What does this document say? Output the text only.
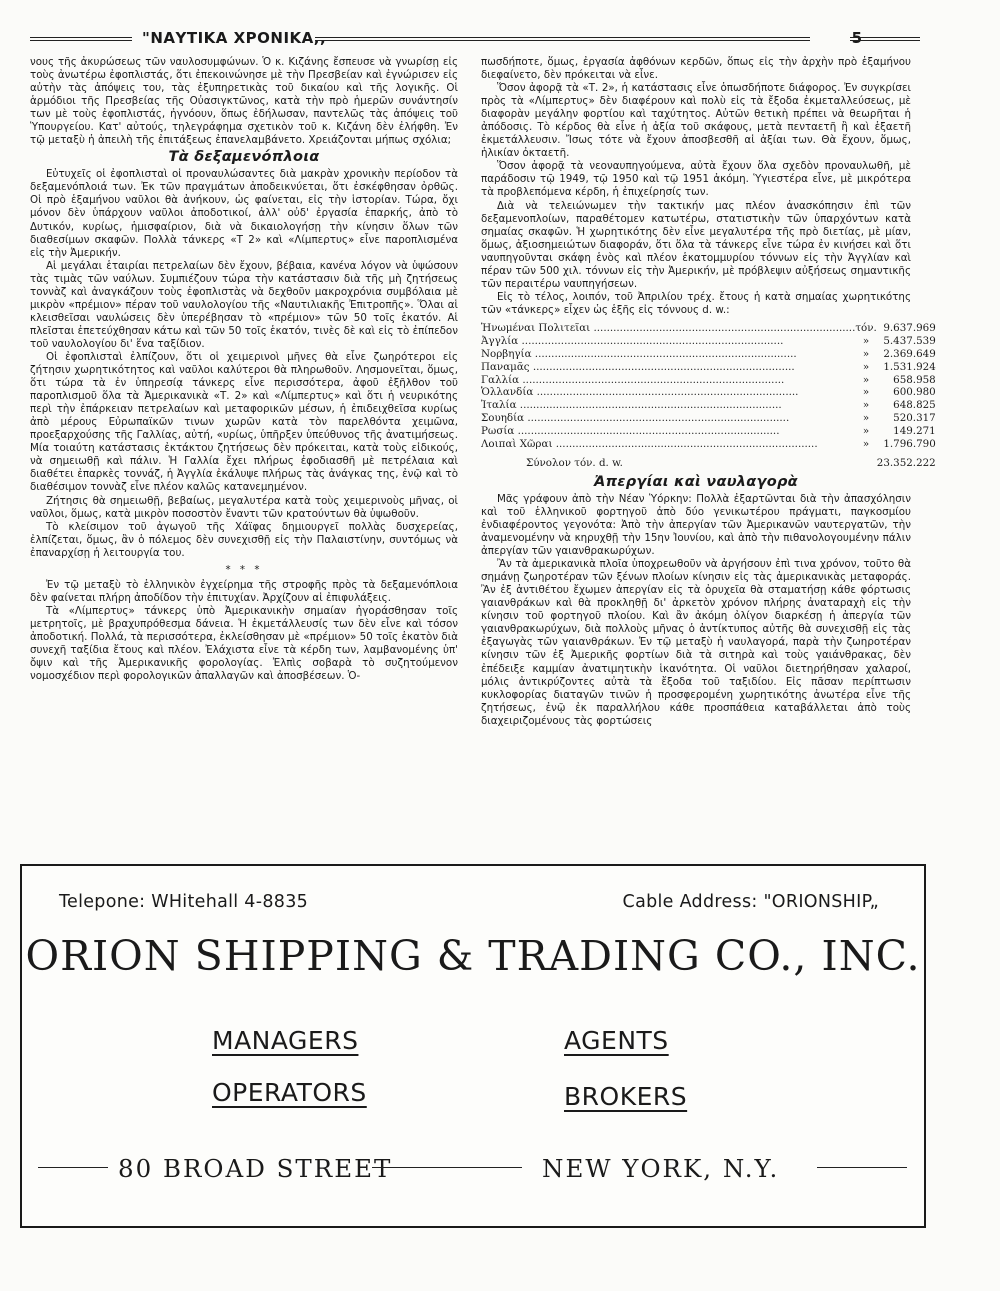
"ΝΑΥΤΙΚΑ ΧΡΟΝΙΚΑ,,	5

νους τῆς ἀκυρώσεως τῶν ναυλοσυμφώνων. Ὁ κ. Κιζάνης ἔσπευσε νὰ γνωρίσῃ εἰς τοὺς ἀνωτέρω ἐφοπλιστάς, ὅτι ἐπεκοινώνησε μὲ τὴν Πρεσβείαν καὶ ἐγνώρισεν εἰς αὐτὴν τὰς ἀπόψεις του, τὰς ἐξυπηρετικὰς τοῦ δικαίου καὶ τῆς λογικῆς. Οἱ ἁρμόδιοι τῆς Πρεσβείας τῆς Οὐασιγκτῶνος, κατὰ τὴν πρὸ ἡμερῶν συνάντησίν των μὲ τοὺς ἐφοπλιστάς, ἠγνόουν, ὅπως ἐδήλωσαν, παντελῶς τὰς ἀπόψεις τοῦ Ὑπουργείου. Κατ' αὐτούς, τηλεγράφημα σχετικὸν τοῦ κ. Κιζάνη δὲν ἐλήφθη. Ἐν τῷ μεταξὺ ἡ ἀπειλὴ τῆς ἐπιτάξεως ἐπανελαμβάνετο. Χρειάζονται μήπως σχόλια;

Τὰ δεξαμενόπλοια

Εὐτυχεῖς οἱ ἐφοπλισταὶ οἱ προναυλώσαντες διὰ μακρὰν χρονικὴν περίοδον τὰ δεξαμενόπλοιά των. Ἐκ τῶν πραγμάτων ἀποδεικνύεται, ὅτι ἐσκέφθησαν ὀρθῶς. Οἱ πρὸ ἑξαμήνου ναῦλοι θὰ ἀνήκουν, ὡς φαίνεται, εἰς τὴν ἱστορίαν. Τώρα, ὄχι μόνον δὲν ὑπάρχουν ναῦλοι ἀποδοτικοί, ἀλλ' οὐδ' ἐργασία ἐπαρκής, ἀπὸ τὸ Δυτικόν, κυρίως, ἡμισφαίριον, διὰ νὰ δικαιολογήσῃ τὴν κίνησιν ὅλων τῶν διαθεσίμων σκαφῶν. Πολλὰ τάνκερς «Τ 2» καὶ «Λίμπερτυς» εἶνε παροπλισμένα εἰς τὴν Ἀμερικήν.

Αἱ μεγάλαι ἑταιρίαι πετρελαίων δὲν ἔχουν, βέβαια, κανένα λόγον νὰ ὑψώσουν τὰς τιμὰς τῶν ναύλων. Συμπιέζουν τώρα τὴν κατάστασιν διὰ τῆς μὴ ζητήσεως τοννὰζ καὶ ἀναγκάζουν τοὺς ἐφοπλιστὰς νὰ δεχθοῦν μακροχρόνια συμβόλαια μὲ μικρὸν «πρέμιον» πέραν τοῦ ναυλολογίου τῆς «Ναυτιλιακῆς Ἐπιτροπῆς». Ὅλαι αἱ κλεισθεῖσαι ναυλώσεις δὲν ὑπερέβησαν τὸ «πρέμιον» τῶν 50 τοῖς ἑκατόν. Αἱ πλεῖσται ἐπετεύχθησαν κάτω καὶ τῶν 50 τοῖς ἑκατόν, τινὲς δὲ καὶ εἰς τὸ ἐπίπεδον τοῦ ναυλολογίου δι' ἕνα ταξίδιον.

Οἱ ἐφοπλισταὶ ἐλπίζουν, ὅτι οἱ χειμερινοὶ μῆνες θὰ εἶνε ζωηρότεροι εἰς ζήτησιν χωρητικότητος καὶ ναῦλοι καλύτεροι θὰ πληρωθοῦν. Λησμονεῖται, ὅμως, ὅτι τώρα τὰ ἐν ὑπηρεσίᾳ τάνκερς εἶνε περισσότερα, ἀφοῦ ἐξῆλθον τοῦ παροπλισμοῦ ὅλα τὰ Ἀμερικανικὰ «Τ. 2» καὶ «Λίμπερτυς» καὶ ὅτι ἡ νευρικότης περὶ τὴν ἐπάρκειαν πετρελαίων καὶ μεταφορικῶν μέσων, ἡ ἐπιδειχθεῖσα κυρίως ἀπὸ μέρους Εὐρωπαϊκῶν τινων χωρῶν κατὰ τὸν παρελθόντα χειμῶνα, προεξαρχούσης τῆς Γαλλίας, αὐτή, «υρίως, ὑπῆρξεν ὑπεύθυνος τῆς ἀνατιμήσεως. Μία τοιαύτη κατάστασις ἐκτάκτου ζητήσεως δὲν πρόκειται, κατὰ τοὺς εἰδικούς, νὰ σημειωθῇ καὶ πάλιν. Ἡ Γαλλία ἔχει πλήρως ἐφοδιασθῆ μὲ πετρέλαια καὶ διαθέτει ἐπαρκὲς τοννάζ, ἡ Ἀγγλία ἐκάλυψε πλήρως τὰς ἀνάγκας της, ἐνῷ καὶ τὸ διαθέσιμον τοννὰζ εἶνε πλέον καλῶς κατανεμημένον.

Ζήτησις θὰ σημειωθῇ, βεβαίως, μεγαλυτέρα κατὰ τοὺς χειμερινοὺς μῆνας, οἱ ναῦλοι, ὅμως, κατὰ μικρὸν ποσοστὸν ἔναντι τῶν κρατούντων θὰ ὑψωθοῦν.

Τὸ κλείσιμον τοῦ ἀγωγοῦ τῆς Χάϊφας δημιουργεῖ πολλὰς δυσχερείας, ἐλπίζεται, ὅμως, ἂν ὁ πόλεμος δὲν συνεχισθῇ εἰς τὴν Παλαιστίνην, συντόμως νὰ ἐπαναρχίσῃ ἡ λειτουργία του.

* * *

Ἐν τῷ μεταξὺ τὸ ἑλληνικὸν ἐγχείρημα τῆς στροφῆς πρὸς τὰ δεξαμενόπλοια δὲν φαίνεται πλήρη ἀποδίδον τὴν ἐπιτυχίαν. Ἀρχίζουν αἱ ἐπιφυλάξεις.

Τὰ «Λίμπερτυς» τάνκερς ὑπὸ Ἀμερικανικὴν σημαίαν ἠγοράσθησαν τοῖς μετρητοῖς, μὲ βραχυπρόθεσμα δάνεια. Ἡ ἐκμετάλλευσίς των δὲν εἶνε καὶ τόσον ἀποδοτική. Πολλά, τὰ περισσότερα, ἐκλείσθησαν μὲ «πρέμιον» 50 τοῖς ἑκατὸν διὰ συνεχῆ ταξίδια ἔτους καὶ πλέον. Ἐλάχιστα εἶνε τὰ κέρδη των, λαμβανομένης ὑπ' ὄψιν καὶ τῆς Ἀμερικανικῆς φορολογίας. Ἐλπὶς σοβαρὰ τὸ συζητούμενον νομοσχέδιον περὶ φορολογικῶν ἀπαλλαγῶν καὶ ἀποσβέσεων. Ὁ-

πωσδήποτε, ὅμως, ἐργασία ἀφθόνων κερδῶν, ὅπως εἰς τὴν ἀρχὴν πρὸ ἑξαμήνου διεφαίνετο, δὲν πρόκειται νὰ εἶνε.

Ὅσον ἀφορᾷ τὰ «Τ. 2», ἡ κατάστασις εἶνε ὁπωσδήποτε διάφορος. Ἐν συγκρίσει πρὸς τὰ «Λίμπερτυς» δὲν διαφέρουν καὶ πολὺ εἰς τὰ ἔξοδα ἐκμεταλλεύσεως, μὲ διαφορὰν μεγάλην φορτίου καὶ ταχύτητος. Αὐτῶν θετικὴ πρέπει νὰ θεωρῆται ἡ ἀπόδοσις. Τὸ κέρδος θὰ εἶνε ἡ ἀξία τοῦ σκάφους, μετὰ πενταετῆ ἢ καὶ ἑξαετῆ ἐκμετάλλευσιν. Ἴσως τότε νὰ ἔχουν ἀποσβεσθῆ αἱ ἀξίαι των. Θὰ ἔχουν, ὅμως, ἡλικίαν ὀκταετῆ.

Ὅσον ἀφορᾷ τὰ νεοναυπηγούμενα, αὐτὰ ἔχουν ὅλα σχεδὸν προναυλωθῆ, μὲ παράδοσιν τῷ 1949, τῷ 1950 καὶ τῷ 1951 ἀκόμη. Ὑγιεστέρα εἶνε, μὲ μικρότερα τὰ προβλεπόμενα κέρδη, ἡ ἐπιχείρησίς των.

Διὰ νὰ τελειώνωμεν τὴν τακτικήν μας πλέον ἀνασκόπησιν ἐπὶ τῶν δεξαμενοπλοίων, παραθέτομεν κατωτέρω, στατιστικὴν τῶν ὑπαρχόντων κατὰ σημαίας σκαφῶν. Ἡ χωρητικότης δὲν εἶνε μεγαλυτέρα τῆς πρὸ διετίας, μὲ μίαν, ὅμως, ἀξιοσημειώτων διαφοράν, ὅτι ὅλα τὰ τάνκερς εἶνε τώρα ἐν κινήσει καὶ ὅτι ναυπηγοῦνται σκάφη ἑνὸς καὶ πλέον ἑκατομμυρίου τόννων εἰς τὴν Ἀγγλίαν καὶ πέραν τῶν 500 χιλ. τόννων εἰς τὴν Ἀμερικήν, μὲ πρόβλεψιν αὐξήσεως σημαντικῆς τῶν περαιτέρω ναυπηγήσεων.

Εἰς τὸ τέλος, λοιπόν, τοῦ Ἀπριλίου τρέχ. ἔτους ἡ κατὰ σημαίας χωρητικότης τῶν «τάνκερς» εἶχεν ὡς ἑξῆς εἰς τόννους d. w.:

Ἡνωμέναι Πολιτεῖαι ................................................................................	τόν.	9.637.969
Ἀγγλία ................................................................................	»	5.437.539
Νορβηγία ................................................................................	»	2.369.649
Παναμᾶς ................................................................................	»	1.531.924
Γαλλία ................................................................................	»	658.958
Ὁλλανδία ................................................................................	»	600.980
Ἰταλία ................................................................................	»	648.825
Σουηδία ................................................................................	»	520.317
Ρωσία ................................................................................	»	149.271
Λοιπαὶ Χῶραι ................................................................................	»	1.796.790
Σύνολον τόν. d. w.		23.352.222
Ἀπεργίαι καὶ ναυλαγορὰ

Μᾶς γράφουν ἀπὸ τὴν Νέαν Ὑόρκην: Πολλὰ ἐξαρτῶνται διὰ τὴν ἀπασχόλησιν καὶ τοῦ ἑλληνικοῦ φορτηγοῦ ἀπὸ δύο γενικωτέρου πράγματι, παγκοσμίου ἐνδιαφέροντος γεγονότα: Ἀπὸ τὴν ἀπεργίαν τῶν Ἀμερικανῶν ναυτεργατῶν, τὴν ἀναμενομένην νὰ κηρυχθῇ τὴν 15ην Ἰουνίου, καὶ ἀπὸ τὴν πιθανολογουμένην πάλιν ἀπεργίαν τῶν γαιανθρακωρύχων.

Ἂν τὰ ἀμερικανικὰ πλοῖα ὑποχρεωθοῦν νὰ ἀργήσουν ἐπὶ τινα χρόνον, τοῦτο θὰ σημάνῃ ζωηροτέραν τῶν ξένων πλοίων κίνησιν εἰς τὰς ἀμερικανικὰς μεταφοράς. Ἂν ἐξ ἀντιθέτου ἔχωμεν ἀπεργίαν εἰς τὰ ὀρυχεῖα θὰ σταματήσῃ κάθε φόρτωσις γαιανθράκων καὶ θὰ προκληθῇ δι' ἀρκετὸν χρόνον πλήρης ἀναταραχὴ εἰς τὴν κίνησιν τοῦ φορτηγοῦ πλοίου. Καὶ ἂν ἀκόμη ὀλίγον διαρκέσῃ ἡ ἀπεργία τῶν γαιανθρακωρύχων, διὰ πολλοὺς μῆνας ὁ ἀντίκτυπος αὐτῆς θὰ συνεχισθῇ εἰς τὰς ἐξαγωγὰς τῶν γαιανθράκων. Ἐν τῷ μεταξὺ ἡ ναυλαγορά, παρὰ τὴν ζωηροτέραν κίνησιν τῶν ἐξ Ἀμερικῆς φορτίων διὰ τὰ σιτηρὰ καὶ τοὺς γαιάνθρακας, δὲν ἐπέδειξε καμμίαν ἀνατιμητικὴν ἱκανότητα. Οἱ ναῦλοι διετηρήθησαν χαλαροί, μόλις ἀντικρύζοντες αὐτὰ τὰ ἔξοδα τοῦ ταξιδίου. Εἰς πᾶσαν περίπτωσιν κυκλοφορίας διαταγῶν τινῶν ἡ προσφερομένη χωρητικότης ἀνωτέρα εἶνε τῆς ζητήσεως, ἐνῷ ἐκ παραλλήλου κάθε προσπάθεια καταβάλλεται ἀπὸ τοὺς διαχειριζομένους τὰς φορτώσεις

Telepone: WHitehall 4-8835	Cable Address: "ORIONSHIP„
ORION SHIPPING & TRADING CO., INC.
MANAGERS	AGENTS
OPERATORS	BROKERS
80 BROAD STREET	NEW YORK, N.Y.
